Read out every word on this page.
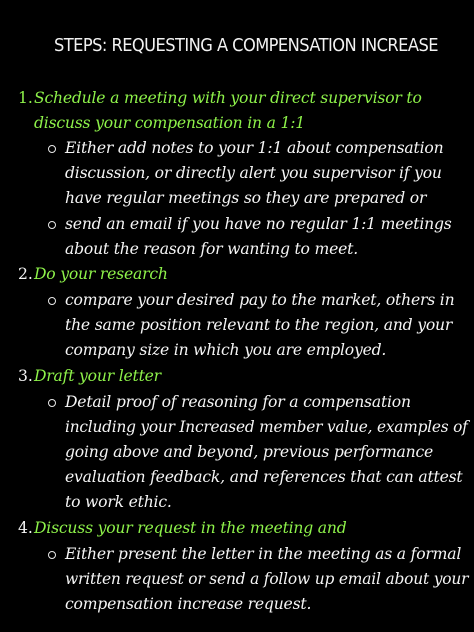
STEPS: REQUESTING A COMPENSATION INCREASE
1. Schedule a meeting with your direct supervisor to
discuss your compensation in a 1:1
Either add notes to your 1:1 about compensation
discussion, or directly alert you supervisor if you
have regular meetings so they are prepared or
send an email if you have no regular 1:1 meetings
about the reason for wanting to meet.
2. Do your research
compare your desired pay to the market, others in
the same position relevant to the region, and your
company size in which you are employed.
3. Draft your letter
Detail proof of reasoning for a compensation
including your Increased member value, examples of
going above and beyond, previous performance
evaluation feedback, and references that can attest
to work ethic.
4. Discuss your request in the meeting and
Either present the letter in the meeting as a formal
written request or send a follow up email about your
compensation increase request.
